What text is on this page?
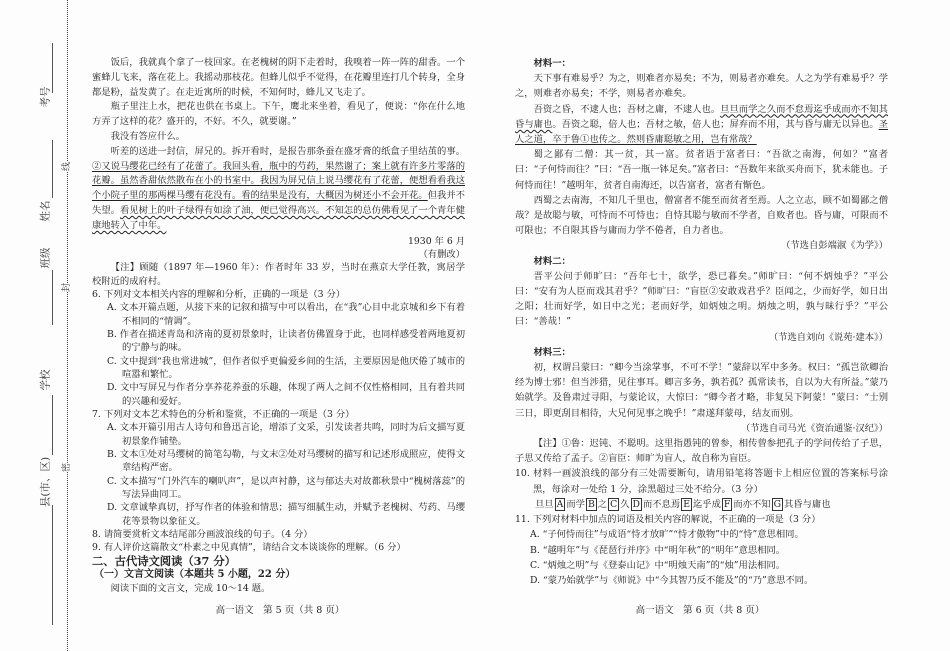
线
封
密
考号
姓名
班级
学校
县(市、区)
饭后，我就真个拿了一枝回家。在老槐树的阴下走着时，我嗅着一阵一阵的甜香。一个蜜蜂儿飞来，落在花上。我摇动那枝花。但蜂儿似乎不觉得，在花瓣里连打几个转身，全身都是粉，益发黄了。在走近寓所的时候，不知何时，蜂儿又飞走了。
瓶子里注上水，把花也供在书桌上。下午，鹰北来坐着，看见了，便说：“你在什么地方弄了这样的花？盛开的，不好。不久，就要谢。”
我没有答应什么。
听差的送进一封信，屏兄的。拆开看时，是报告那条蚕在盛牙膏的纸盒子里结茧的事。②又说马缨花已经有了花蕾了。我回头看，瓶中的芍药，果然谢了；案上就有许多片零落的花瓣。虽然香甜依然散布在小的书室中。我因为屏兄信上说马缨花有了花蕾，便想看看我这个小院子里的那两棵马缨有花没有。看的结果是没有，大概因为树还小不会开花。但我并不失望。看见树上的叶子绿得有如涂了油，便已觉得高兴。不知怎的总仿佛看见了一个青年健康地转入了中年。
1930 年 6 月
（有删改）
【注】顾随（1897 年—1960 年）：作者时年 33 岁，当时在燕京大学任教，寓居学校附近的成府村。
6. 下列对文本相关内容的理解和分析，正确的一项是（3 分）
A. 文本开篇点题，从接下来的记叙和描写中可以看出，在“我”心目中北京城和乡下有着不相同的“情调”。
B. 作者在描述青岛和济南的夏初景象时，让读者仿佛置身于此，也同样感受着两地夏初的宁静与韵味。
C. 文中提到“我也常进城”，但作者似乎更偏爱乡间的生活，主要原因是他厌倦了城市的喧嚣和繁忙。
D. 文中写屏兄与作者分享养花养蚕的乐趣，体现了两人之间不仅性格相同，且有着共同的兴趣和爱好。
7. 下列对文本艺术特色的分析和鉴赏，不正确的一项是（3 分）
A. 文本开篇引用古人诗句和鲁迅言论，增添了文采，引发读者共鸣，同时为后文描写夏初景象作铺垫。
B. 文本①处对马缨树的简笔勾勒，与文末②处对马缨树的描写和记述形成照应，使得文章结构严密。
C. 文本描写“门外汽车的喇叭声”，是以声衬静，这与郁达夫对故都秋景中“槐树落蕊”的写法异曲同工。
D. 文章诚挚真切，抒写作者的体验和情思；描写细腻生动，并赋予老槐树、芍药、马缨花等景物以象征义。
8. 请简要赏析文本结尾部分画波浪线的句子。（4 分）
9. 有人评价这篇散文“朴素之中见真情”，请结合文本谈谈你的理解。（6 分）
二、古代诗文阅读（37 分）
（一）文言文阅读（本题共 5 小题，22 分）
阅读下面的文言文，完成 10～14 题。
材料一：
天下事有难易乎？为之，则难者亦易矣；不为，则易者亦难矣。人之为学有难易乎？学之，则难者亦易矣；不学，则易者亦难矣。
吾资之昏，不逮人也；吾材之庸，不逮人也。旦旦而学之久而不怠焉迄乎成而亦不知其昏与庸也。吾资之聪，倍人也；吾材之敏，倍人也；屏弃而不用，其与昏与庸无以异也。圣人之道，卒于鲁①也传之。然则昏庸聪敏之用，岂有常哉？
蜀之鄙有二僧：其一贫，其一富。贫者语于富者曰：“吾欲之南海，何如？”富者曰：“子何恃而往？”曰：“吾一瓶一钵足矣。”富者曰：“吾数年来欲买舟而下，犹未能也。子何恃而往！”越明年，贫者自南海还，以告富者，富者有惭色。
西蜀之去南海，不知几千里也，僧富者不能至而贫者至焉。人之立志，顾不如蜀鄙之僧哉？是故聪与敏，可恃而不可恃也；自恃其聪与敏而不学者，自败者也。昏与庸，可限而不可限也；不自限其昏与庸而力学不倦者，自力者也。
（节选自彭端淑《为学》）
材料二：
晋平公问于师旷曰：“吾年七十，欲学，恐已暮矣。”师旷曰：“何不炳烛乎？”平公曰：“安有为人臣而戏其君乎？”师旷曰：“盲臣②安敢戏君乎？臣闻之，少而好学，如日出之阳；壮而好学，如日中之光；老而好学，如炳烛之明。炳烛之明，孰与昧行乎？”平公曰：“善哉！”
（节选自刘向《说苑·建本》）
材料三：
初，权谓吕蒙曰：“卿今当涂掌事，不可不学！”蒙辞以军中多务。权曰：“孤岂欲卿治经为博士邪！但当涉猎，见往事耳。卿言多务，孰若孤？孤常读书，自以为大有所益。”蒙乃始就学。及鲁肃过寻阳，与蒙论议，大惊曰：“卿今者才略，非复吴下阿蒙！”蒙曰：“士别三日，即更刮目相待，大兄何见事之晚乎！”肃遂拜蒙母，结友而别。
（节选自司马光《资治通鉴·汉纪》）
【注】①鲁：迟钝、不聪明。这里指愚钝的曾参，相传曾参把孔子的学问传给了子思，子思又传给了孟子。②盲臣：师旷为盲人，故自称为盲臣。
10. 材料一画波浪线的部分有三处需要断句，请用铅笔将答题卡上相应位置的答案标号涂黑，每涂对一处给 1 分，涂黑超过三处不给分。（3 分）
旦旦 A 而学 B 之 C 久 D 而不息焉 E 迄乎成 F 而亦不知 G 其昏与庸也
11. 下列对材料中加点的词语及相关内容的解说，不正确的一项是（3 分）
A. “子何恃而往”与成语“恃才放旷”“恃才傲物”中的“恃”意思相同。
B. “越明年”与《琵琶行并序》中“明年秋”的“明年”意思相同。
C. “炳烛之明”与《登泰山记》中“明烛天南”的“烛”用法相同。
D. “蒙乃始就学”与《师说》中“今其智乃反不能及”的“乃”意思不同。
高一语文　第 5 页（共 8 页）	高一语文　第 6 页（共 8 页）
